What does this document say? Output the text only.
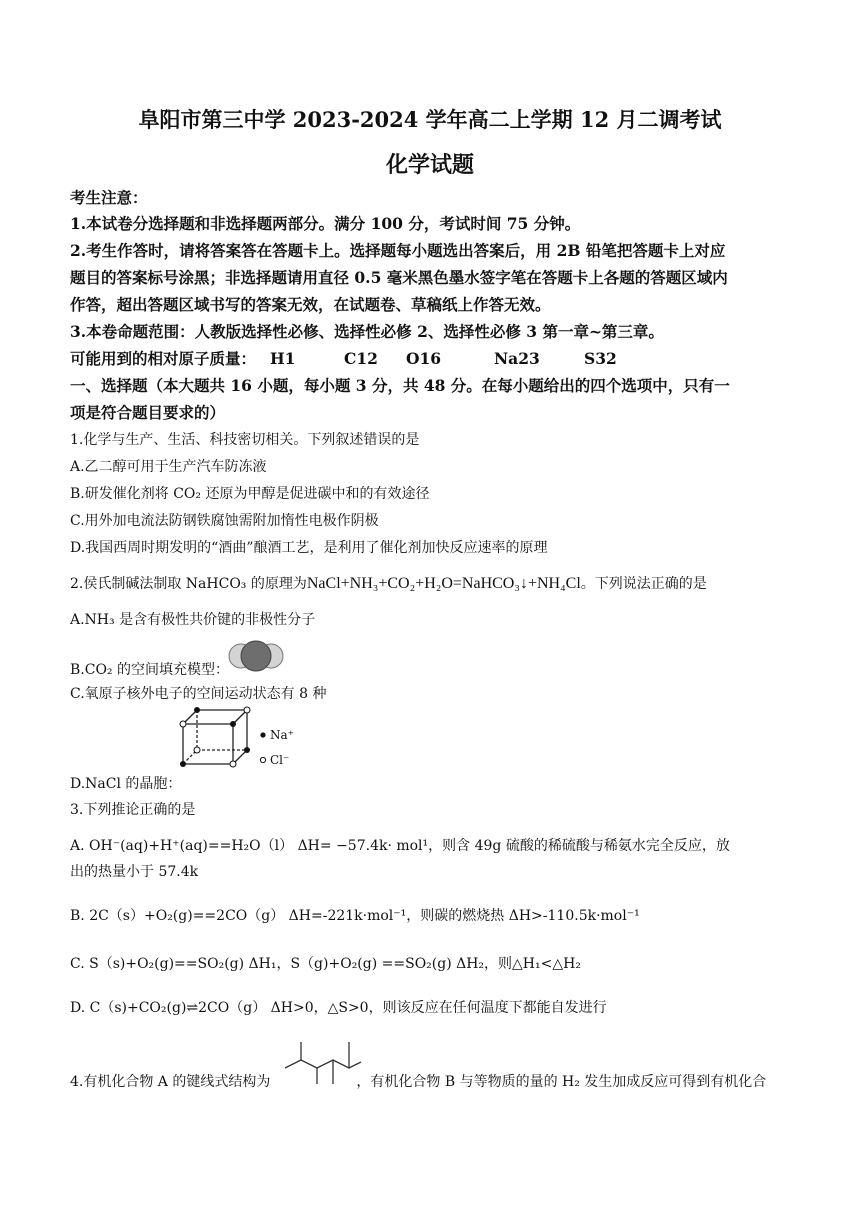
阜阳市第三中学 2023-2024 学年高二上学期 12 月二调考试
化学试题
考生注意：
1.本试卷分选择题和非选择题两部分。满分 100 分，考试时间 75 分钟。
2.考生作答时，请将答案答在答题卡上。选择题每小题选出答案后，用 2B 铅笔把答题卡上对应
题目的答案标号涂黑；非选择题请用直径 0.5 毫米黑色墨水签字笔在答题卡上各题的答题区域内
作答，超出答题区域书写的答案无效，在试题卷、草稿纸上作答无效。
3.本卷命题范围：人教版选择性必修、选择性必修 2、选择性必修 3 第一章~第三章。
可能用到的相对原子质量： H1	C12 O16	Na23	S32
一、选择题（本大题共 16 小题，每小题 3 分，共 48 分。在每小题给出的四个选项中，只有一
项是符合题目要求的）
1.化学与生产、生活、科技密切相关。下列叙述错误的是
A.乙二醇可用于生产汽车防冻液
B.研发催化剂将 CO₂ 还原为甲醇是促进碳中和的有效途径
C.用外加电流法防钢铁腐蚀需附加惰性电极作阴极
D.我国西周时期发明的“酒曲”酿酒工艺，是利用了催化剂加快反应速率的原理
2.侯氏制碱法制取 NaHCO₃ 的原理为NaCl+NH₃+CO₂+H₂O=NaHCO₃↓+NH₄Cl。下列说法正确的是
A.NH₃ 是含有极性共价键的非极性分子
B.CO₂ 的空间填充模型：
C.氧原子核外电子的空间运动状态有 8 种
Na⁺
Cl⁻
D.NaCl 的晶胞：
3.下列推论正确的是
A. OH⁻(aq)+H⁺(aq)==H₂O（l） ΔH= −57.4k· mol¹，则含 49g 硫酸的稀硫酸与稀氨水完全反应，放
出的热量小于 57.4k
B. 2C（s）+O₂(g)==2CO（g） ΔH=-221k·mol⁻¹，则碳的燃烧热 ΔH>-110.5k·mol⁻¹
C. S（s)+O₂(g)==SO₂(g) ΔH₁，S（g)+O₂(g) ==SO₂(g) ΔH₂，则△H₁<△H₂
D. C（s)+CO₂(g)⇌2CO（g） ΔH>0，△S>0，则该反应在任何温度下都能自发进行
4.有机化合物 A 的键线式结构为	，有机化合物 B 与等物质的量的 H₂ 发生加成反应可得到有机化合
